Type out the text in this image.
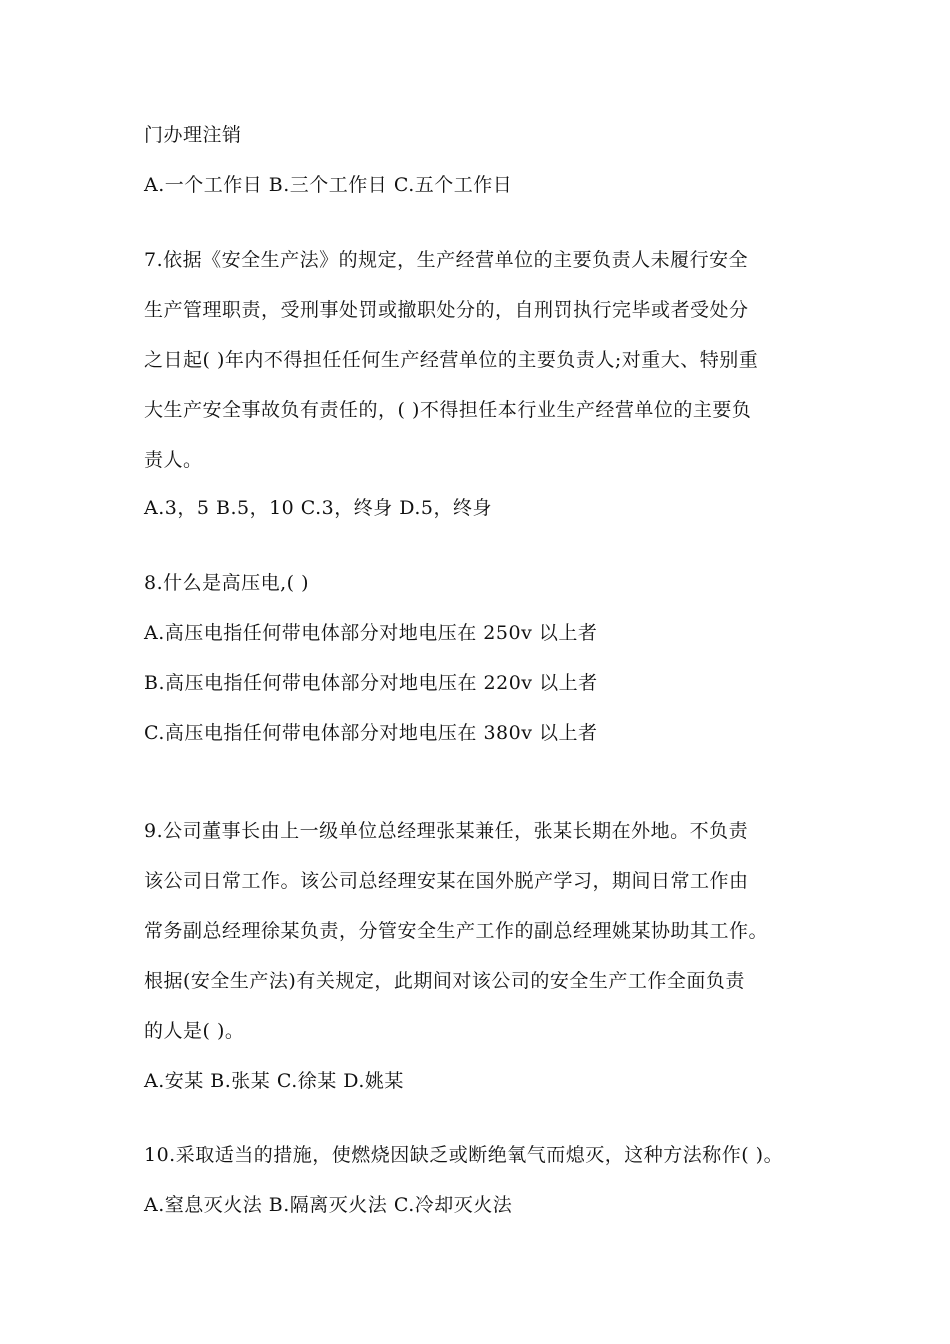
门办理注销
A.一个工作日 B.三个工作日 C.五个工作日
7.依据《安全生产法》的规定，生产经营单位的主要负责人未履行安全
生产管理职责，受刑事处罚或撤职处分的，自刑罚执行完毕或者受处分
之日起( )年内不得担任任何生产经营单位的主要负责人;对重大、特别重
大生产安全事故负有责任的，( )不得担任本行业生产经营单位的主要负
责人。
A.3，5 B.5，10 C.3，终身 D.5，终身
8.什么是高压电,( )
A.高压电指任何带电体部分对地电压在 250v 以上者
B.高压电指任何带电体部分对地电压在 220v 以上者
C.高压电指任何带电体部分对地电压在 380v 以上者
9.公司董事长由上一级单位总经理张某兼任，张某长期在外地。不负责
该公司日常工作。该公司总经理安某在国外脱产学习，期间日常工作由
常务副总经理徐某负责，分管安全生产工作的副总经理姚某协助其工作。
根据(安全生产法)有关规定，此期间对该公司的安全生产工作全面负责
的人是( )。
A.安某 B.张某 C.徐某 D.姚某
10.采取适当的措施，使燃烧因缺乏或断绝氧气而熄灭，这种方法称作( )。
A.窒息灭火法 B.隔离灭火法 C.冷却灭火法
